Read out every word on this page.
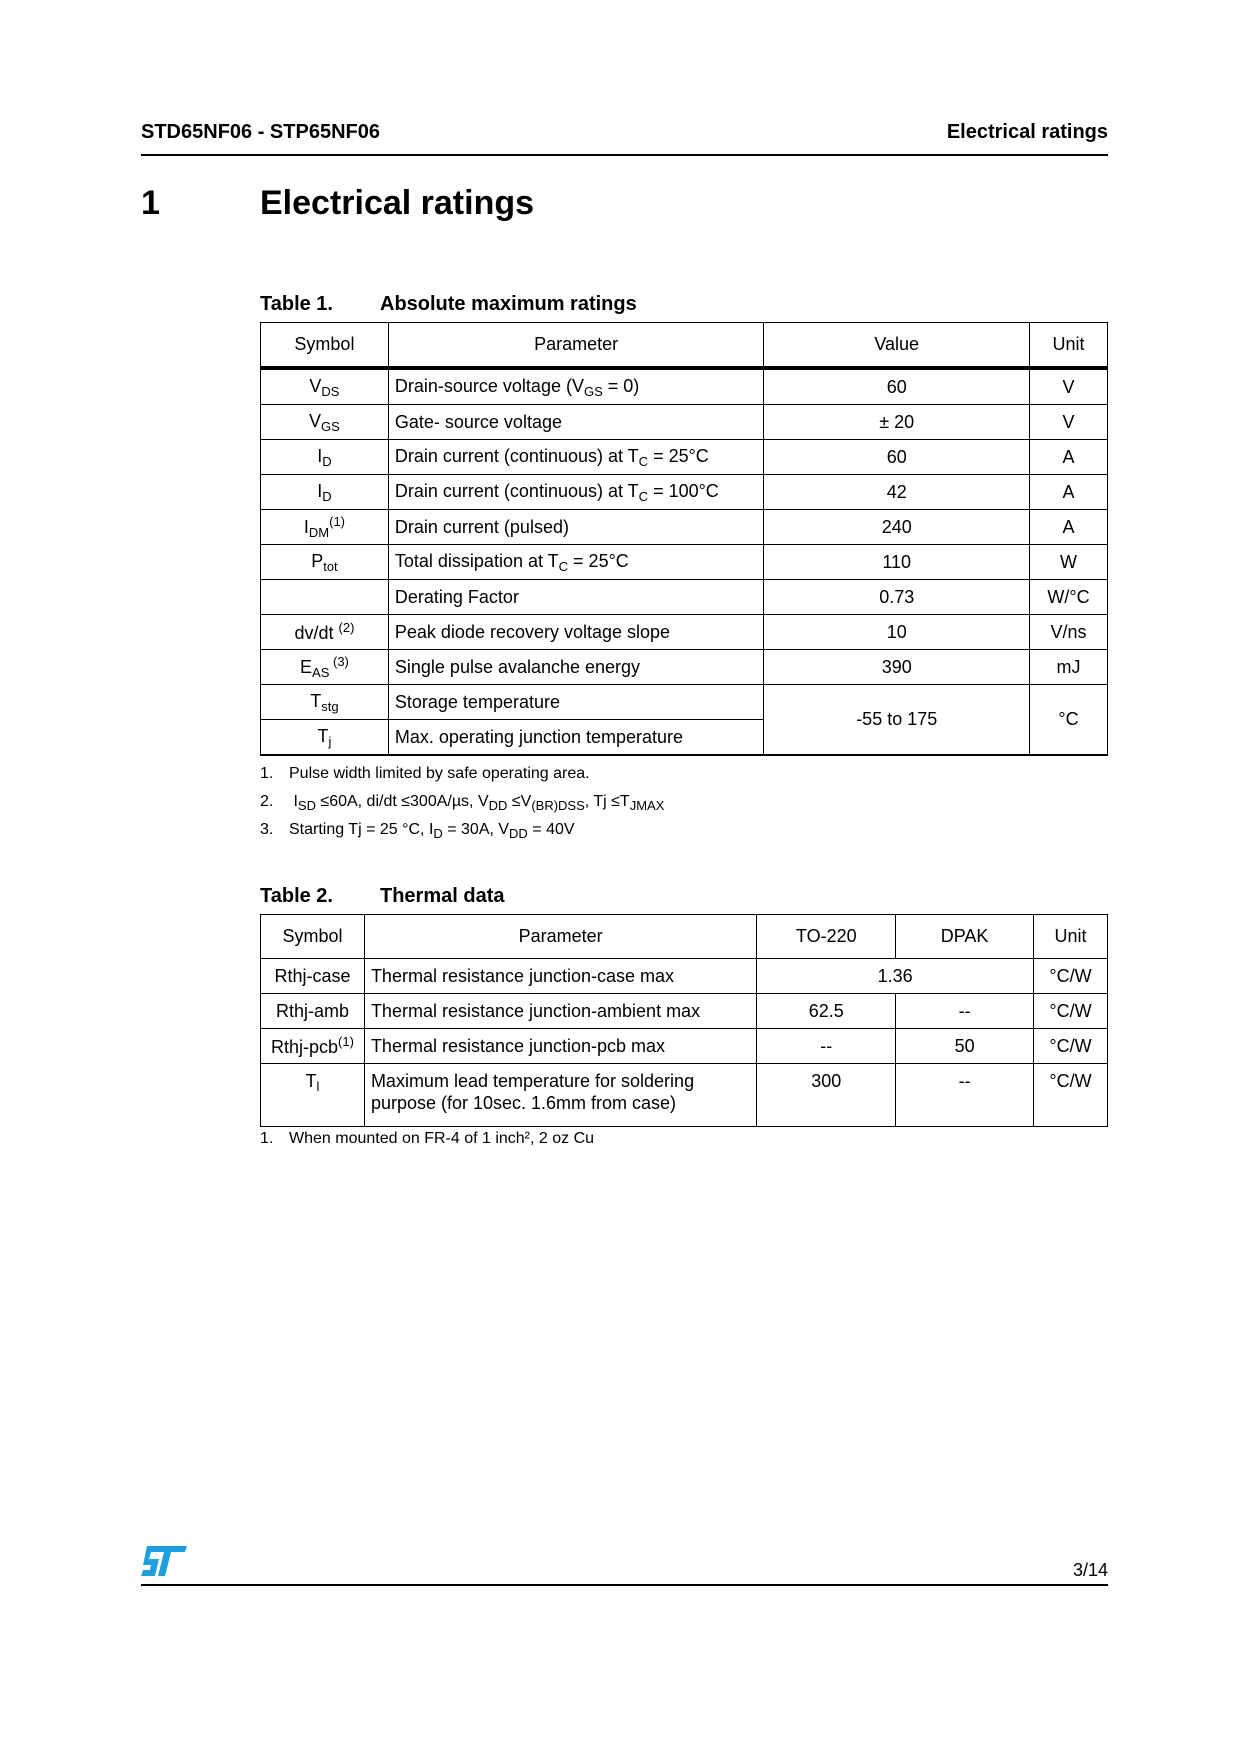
STD65NF06 - STP65NF06	Electrical ratings
1	Electrical ratings
Table 1. Absolute maximum ratings
Symbol	Parameter	Value	Unit
$V_{DS}$	Drain-source voltage $(V_{GS} = 0)$	60	V
$V_{GS}$	Gate- source voltage	± 20	V
$I_D$	Drain current (continuous) at $T_C = 25^\circ C$	60	A
$I_D$	Drain current (continuous) at $T_C = 100^\circ C$	42	A
$I_{DM}^{(1)}$	Drain current (pulsed)	240	A
$P_{tot}$	Total dissipation at $T_C = 25^\circ C$	110	W
	Derating Factor	0.73	W/°C
dv/dt $^{(2)}$	Peak diode recovery voltage slope	10	V/ns
$E_{AS}$ $^{(3)}$	Single pulse avalanche energy	390	mJ
$T_{stg}$	Storage temperature	-55 to 175	°C
$T_j$	Max. operating junction temperature		
1. Pulse width limited by safe operating area.
2. $I_{SD} \le 60A$, di/dt ≤300A/µs, $V_{DD} \le V_{(BR)DSS}$, $Tj \le T_{JMAX}$
3. Starting Tj = 25 °C, $I_D = 30A$, $V_{DD} = 40V$
Table 2. Thermal data
Symbol	Parameter	TO-220	DPAK	Unit
Rthj-case	Thermal resistance junction-case max	1.36		°C/W
Rthj-amb	Thermal resistance junction-ambient max	62.5	--	°C/W
Rthj-pcb$^{(1)}$	Thermal resistance junction-pcb max	--	50	°C/W
$T_l$	Maximum lead temperature for soldering purpose (for 10sec. 1.6mm from case)	300	--	°C/W
1. When mounted on FR-4 of 1 inch², 2 oz Cu
3/14
